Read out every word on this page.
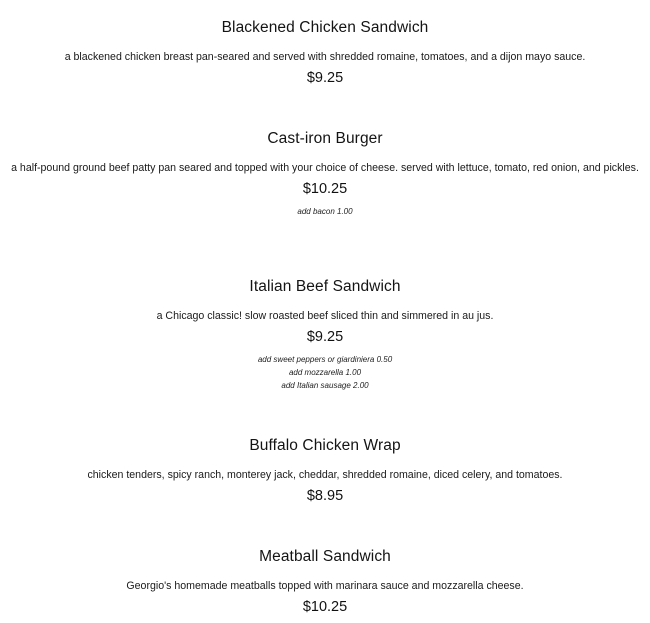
Blackened Chicken Sandwich
a blackened chicken breast pan-seared and served with shredded romaine, tomatoes, and a dijon mayo sauce.
$9.25
Cast-iron Burger
a half-pound ground beef patty pan seared and topped with your choice of cheese. served with lettuce, tomato, red onion, and pickles.
$10.25
add bacon 1.00
Italian Beef Sandwich
a Chicago classic! slow roasted beef sliced thin and simmered in au jus.
$9.25
add sweet peppers or giardiniera 0.50
add mozzarella 1.00
add Italian sausage 2.00
Buffalo Chicken Wrap
chicken tenders, spicy ranch, monterey jack, cheddar, shredded romaine, diced celery, and tomatoes.
$8.95
Meatball Sandwich
Georgio's homemade meatballs topped with marinara sauce and mozzarella cheese.
$10.25
